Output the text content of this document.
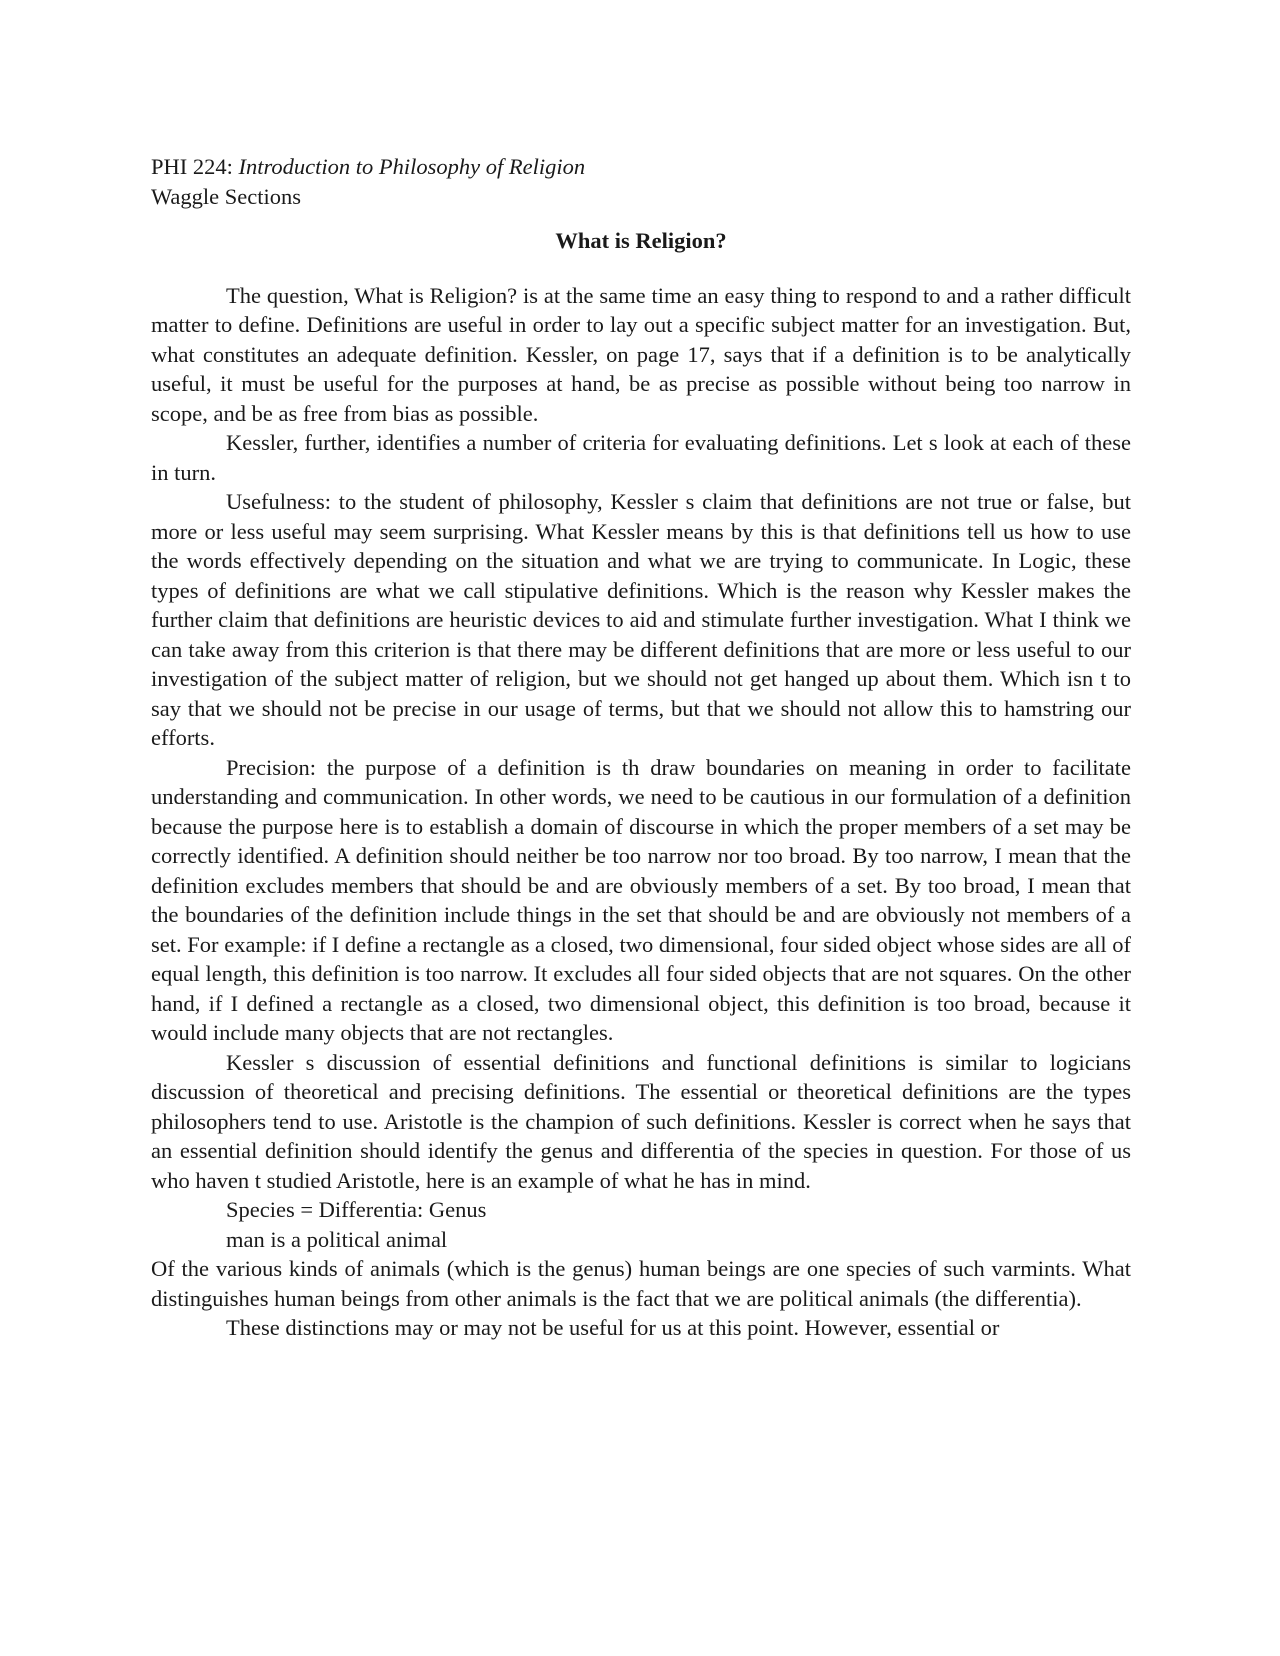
PHI 224: Introduction to Philosophy of Religion

Waggle Sections

What is Religion?

The question, What is Religion? is at the same time an easy thing to respond to and a rather difficult matter to define. Definitions are useful in order to lay out a specific subject matter for an investigation. But, what constitutes an adequate definition. Kessler, on page 17, says that if a definition is to be analytically useful, it must be useful for the purposes at hand, be as precise as possible without being too narrow in scope, and be as free from bias as possible.

Kessler, further, identifies a number of criteria for evaluating definitions. Let s look at each of these in turn.

Usefulness: to the student of philosophy, Kessler s claim that definitions are not true or false, but more or less useful may seem surprising. What Kessler means by this is that definitions tell us how to use the words effectively depending on the situation and what we are trying to communicate. In Logic, these types of definitions are what we call stipulative definitions. Which is the reason why Kessler makes the further claim that definitions are heuristic devices to aid and stimulate further investigation. What I think we can take away from this criterion is that there may be different definitions that are more or less useful to our investigation of the subject matter of religion, but we should not get hanged up about them. Which isn t to say that we should not be precise in our usage of terms, but that we should not allow this to hamstring our efforts.

Precision: the purpose of a definition is th draw boundaries on meaning in order to facilitate understanding and communication. In other words, we need to be cautious in our formulation of a definition because the purpose here is to establish a domain of discourse in which the proper members of a set may be correctly identified. A definition should neither be too narrow nor too broad. By too narrow, I mean that the definition excludes members that should be and are obviously members of a set. By too broad, I mean that the boundaries of the definition include things in the set that should be and are obviously not members of a set. For example: if I define a rectangle as a closed, two dimensional, four sided object whose sides are all of equal length, this definition is too narrow. It excludes all four sided objects that are not squares. On the other hand, if I defined a rectangle as a closed, two dimensional object, this definition is too broad, because it would include many objects that are not rectangles.

Kessler s discussion of essential definitions and functional definitions is similar to logicians discussion of theoretical and precising definitions. The essential or theoretical definitions are the types philosophers tend to use. Aristotle is the champion of such definitions. Kessler is correct when he says that an essential definition should identify the genus and differentia of the species in question. For those of us who haven t studied Aristotle, here is an example of what he has in mind.

Species = Differentia: Genus

man is a political animal

Of the various kinds of animals (which is the genus) human beings are one species of such varmints. What distinguishes human beings from other animals is the fact that we are political animals (the differentia).

These distinctions may or may not be useful for us at this point. However, essential or
